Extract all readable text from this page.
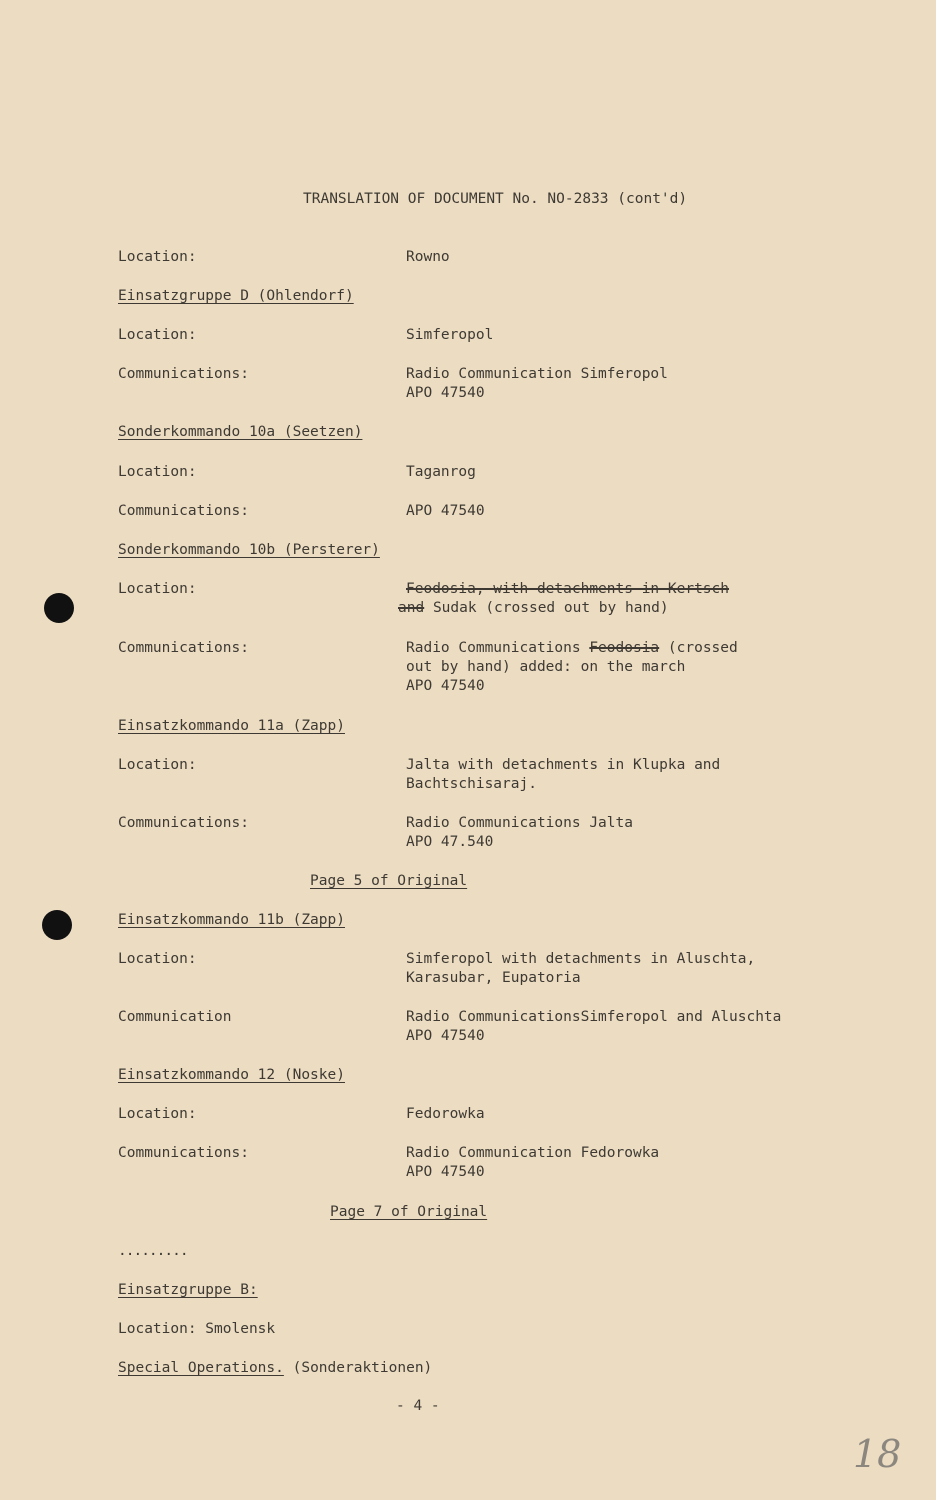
TRANSLATION OF DOCUMENT No. NO-2833 (cont'd)
Location:	Rowno
Einsatzgruppe D (Ohlendorf)
Location:	Simferopol
Communications:	Radio Communication Simferopol
APO 47540
Sonderkommando 10a (Seetzen)
Location:	Taganrog
Communications:	APO 47540
Sonderkommando 10b (Persterer)
Location:	Feodosia, with detachments in Kertsch
and Sudak (crossed out by hand)
Communications:	Radio Communications Feodosia (crossed
out by hand) added: on the march
APO 47540
Einsatzkommando 11a (Zapp)
Location:	Jalta with detachments in Klupka and
Bachtschisaraj.
Communications:	Radio Communications Jalta
APO 47.540
Page 5 of Original
Einsatzkommando 11b (Zapp)
Location:	Simferopol with detachments in Aluschta,
Karasubar, Eupatoria
Communication	Radio CommunicationsSimferopol and Aluschta
APO 47540
Einsatzkommando 12 (Noske)
Location:	Fedorowka
Communications:	Radio Communication Fedorowka
APO 47540
Page 7 of Original
.........
Einsatzgruppe B:
Location: Smolensk
Special Operations. (Sonderaktionen)
- 4 -
18
